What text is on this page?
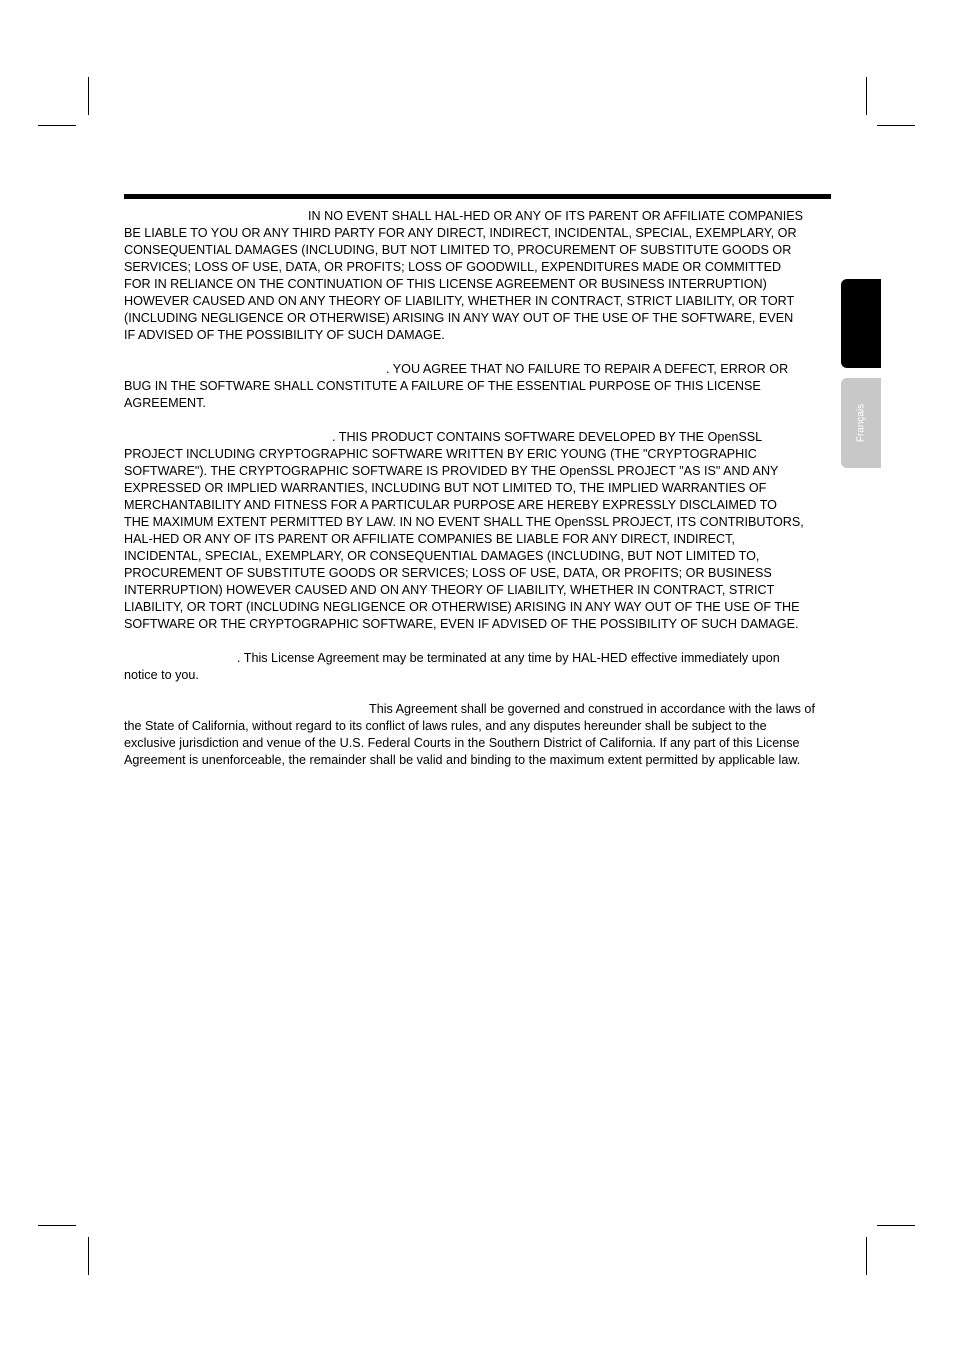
IN NO EVENT SHALL HAL-HED OR ANY OF ITS PARENT OR AFFILIATE COMPANIES
BE LIABLE TO YOU OR ANY THIRD PARTY FOR ANY DIRECT, INDIRECT, INCIDENTAL, SPECIAL, EXEMPLARY, OR
CONSEQUENTIAL DAMAGES (INCLUDING, BUT NOT LIMITED TO, PROCUREMENT OF SUBSTITUTE GOODS OR
SERVICES; LOSS OF USE, DATA, OR PROFITS; LOSS OF GOODWILL, EXPENDITURES MADE OR COMMITTED
FOR IN RELIANCE ON THE CONTINUATION OF THIS LICENSE AGREEMENT OR BUSINESS INTERRUPTION)
HOWEVER CAUSED AND ON ANY THEORY OF LIABILITY, WHETHER IN CONTRACT, STRICT LIABILITY, OR TORT
(INCLUDING NEGLIGENCE OR OTHERWISE) ARISING IN ANY WAY OUT OF THE USE OF THE SOFTWARE, EVEN
IF ADVISED OF THE POSSIBILITY OF SUCH DAMAGE.

. YOU AGREE THAT NO FAILURE TO REPAIR A DEFECT, ERROR OR
BUG IN THE SOFTWARE SHALL CONSTITUTE A FAILURE OF THE ESSENTIAL PURPOSE OF THIS LICENSE
AGREEMENT.

. THIS PRODUCT CONTAINS SOFTWARE DEVELOPED BY THE OpenSSL
PROJECT INCLUDING CRYPTOGRAPHIC SOFTWARE WRITTEN BY ERIC YOUNG (THE "CRYPTOGRAPHIC
SOFTWARE"). THE CRYPTOGRAPHIC SOFTWARE IS PROVIDED BY THE OpenSSL PROJECT "AS IS" AND ANY
EXPRESSED OR IMPLIED WARRANTIES, INCLUDING BUT NOT LIMITED TO, THE IMPLIED WARRANTIES OF
MERCHANTABILITY AND FITNESS FOR A PARTICULAR PURPOSE ARE HEREBY EXPRESSLY DISCLAIMED TO
THE MAXIMUM EXTENT PERMITTED BY LAW. IN NO EVENT SHALL THE OpenSSL PROJECT, ITS CONTRIBUTORS,
HAL-HED OR ANY OF ITS PARENT OR AFFILIATE COMPANIES BE LIABLE FOR ANY DIRECT, INDIRECT,
INCIDENTAL, SPECIAL, EXEMPLARY, OR CONSEQUENTIAL DAMAGES (INCLUDING, BUT NOT LIMITED TO,
PROCUREMENT OF SUBSTITUTE GOODS OR SERVICES; LOSS OF USE, DATA, OR PROFITS; OR BUSINESS
INTERRUPTION) HOWEVER CAUSED AND ON ANY THEORY OF LIABILITY, WHETHER IN CONTRACT, STRICT
LIABILITY, OR TORT (INCLUDING NEGLIGENCE OR OTHERWISE) ARISING IN ANY WAY OUT OF THE USE OF THE
SOFTWARE OR THE CRYPTOGRAPHIC SOFTWARE, EVEN IF ADVISED OF THE POSSIBILITY OF SUCH DAMAGE.

. This License Agreement may be terminated at any time by HAL-HED effective immediately upon
notice to you.

This Agreement shall be governed and construed in accordance with the laws of
the State of California, without regard to its conflict of laws rules, and any disputes hereunder shall be subject to the
exclusive jurisdiction and venue of the U.S. Federal Courts in the Southern District of California. If any part of this License
Agreement is unenforceable, the remainder shall be valid and binding to the maximum extent permitted by applicable law.

Français
